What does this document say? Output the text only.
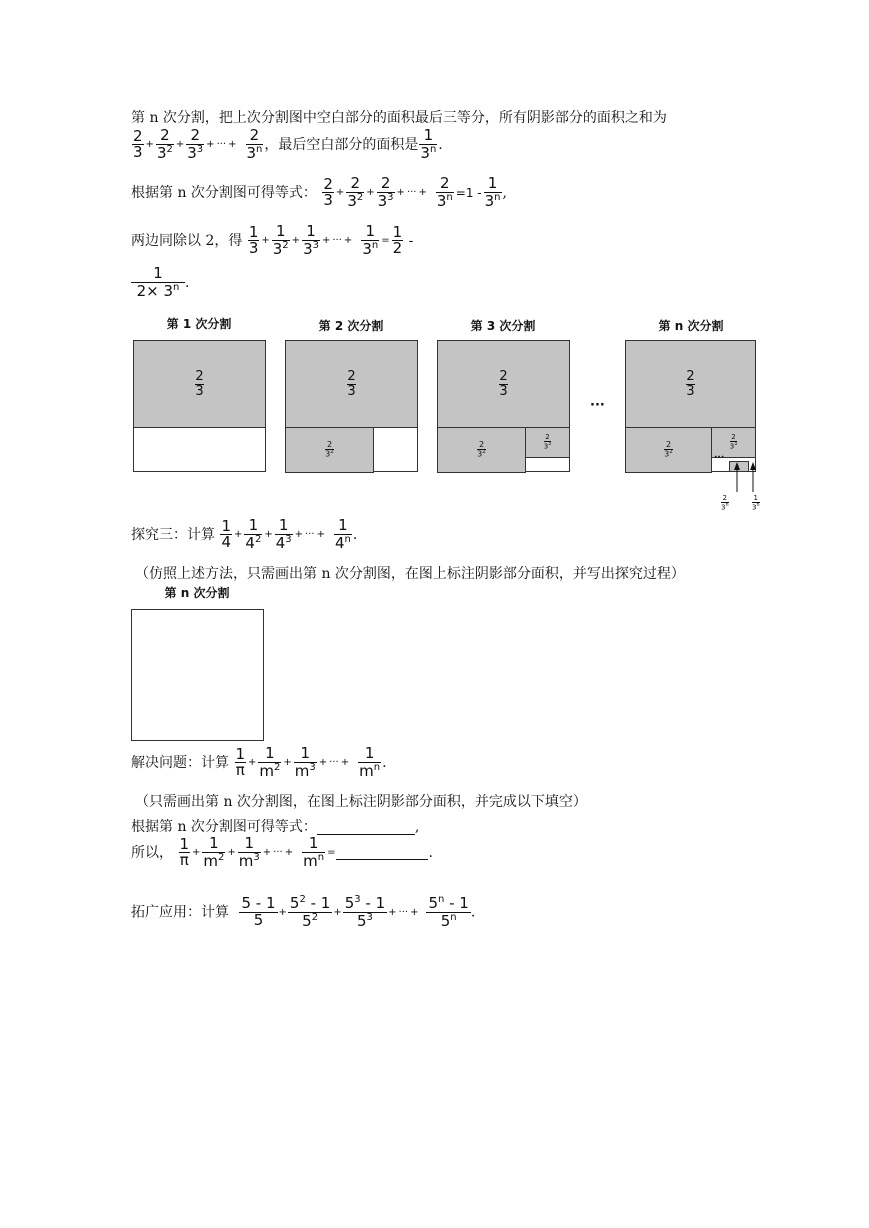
第 n 次分割，把上次分割图中空白部分的面积最后三等分，所有阴影部分的面积之和为
$\frac{2}{3} + \frac{2}{3^2} + \frac{2}{3^3}$ + ··· + $\frac{2}{3^n}$ ，最后空白部分的面积是 $\frac{1}{3^n}$ .
根据第 n 次分割图可得等式： $\frac{2}{3} + \frac{2}{3^2} + \frac{2}{3^3}$ + ··· + $\frac{2}{3^n} =1 - \frac{1}{3^n}$ ,
两边同除以 2，得 $\frac{1}{3} + \frac{1}{3^2} + \frac{1}{3^3}$ + ··· + $\frac{1}{3^n} = \frac{1}{2}$ -
$\frac{1}{2\times 3^n}$ .
第 1 次分割	第 2 次分割	第 3 次分割	第 n 次分割
2
3
2
3
2
$3^2$
2
3
2
$3^2$
2
$3^3$
···
2
3
2
$3^2$
2
$3^3$
···
$\frac{2}{3^n}$	$\frac{1}{3^n}$
探究三：计算 $\frac{1}{4} + \frac{1}{4^2} + \frac{1}{4^3}$ + ··· + $\frac{1}{4^n}$ .
（仿照上述方法，只需画出第 n 次分割图，在图上标注阴影部分面积，并写出探究过程）
第 n 次分割
解决问题：计算 $\frac{1}{\pi} + \frac{1}{m^2} + \frac{1}{m^3}$ + ··· + $\frac{1}{m^n}$ .
（只需画出第 n 次分割图，在图上标注阴影部分面积，并完成以下填空）
根据第 n 次分割图可得等式：	,
所以， $\frac{1}{\pi} + \frac{1}{m^2} + \frac{1}{m^3}$ + ··· + $\frac{1}{m^n}$ =	.
拓广应用：计算 $\frac{5 - 1}{5} + \frac{5^2 - 1}{5^2} + \frac{5^3 - 1}{5^3}$ + ··· + $\frac{5^n - 1}{5^n}$ .
